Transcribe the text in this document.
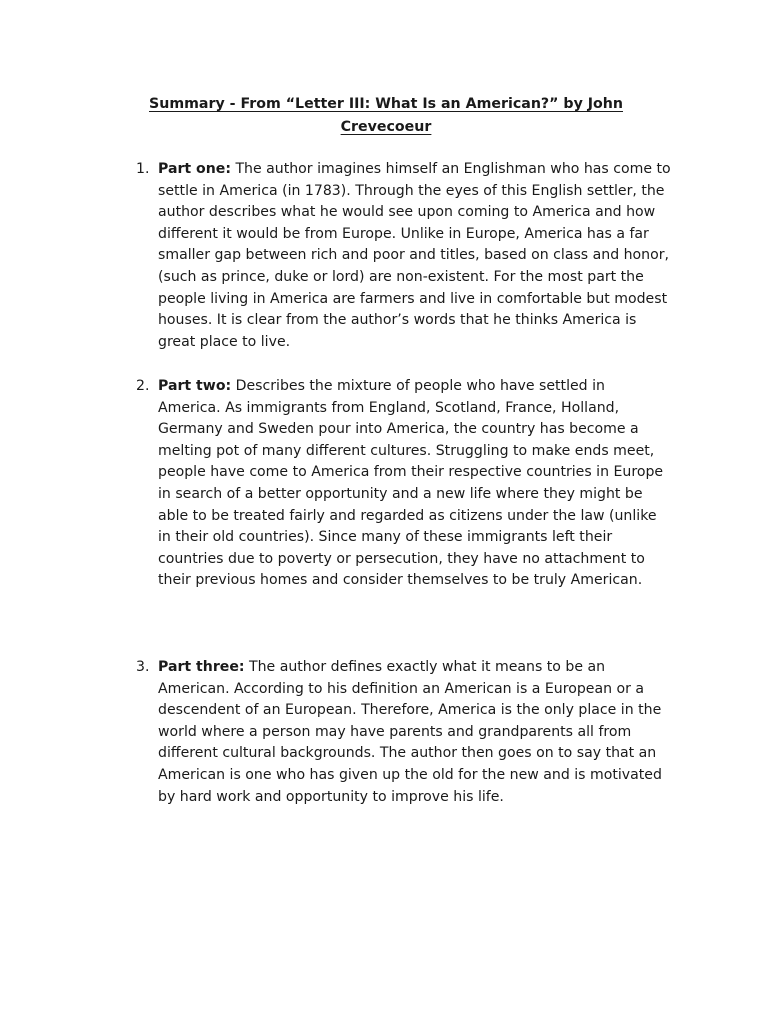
Summary - From “Letter III: What Is an American?” by John
Crevecoeur
1. Part one: The author imagines himself an Englishman who has come to settle in America (in 1783). Through the eyes of this English settler, the author describes what he would see upon coming to America and how different it would be from Europe. Unlike in Europe, America has a far smaller gap between rich and poor and titles, based on class and honor, (such as prince, duke or lord) are non-existent. For the most part the people living in America are farmers and live in comfortable but modest houses. It is clear from the author’s words that he thinks America is great place to live.
2. Part two: Describes the mixture of people who have settled in America. As immigrants from England, Scotland, France, Holland, Germany and Sweden pour into America, the country has become a melting pot of many different cultures. Struggling to make ends meet, people have come to America from their respective countries in Europe in search of a better opportunity and a new life where they might be able to be treated fairly and regarded as citizens under the law (unlike in their old countries). Since many of these immigrants left their countries due to poverty or persecution, they have no attachment to their previous homes and consider themselves to be truly American.
3. Part three: The author defines exactly what it means to be an American. According to his definition an American is a European or a descendent of an European. Therefore, America is the only place in the world where a person may have parents and grandparents all from different cultural backgrounds. The author then goes on to say that an American is one who has given up the old for the new and is motivated by hard work and opportunity to improve his life.
